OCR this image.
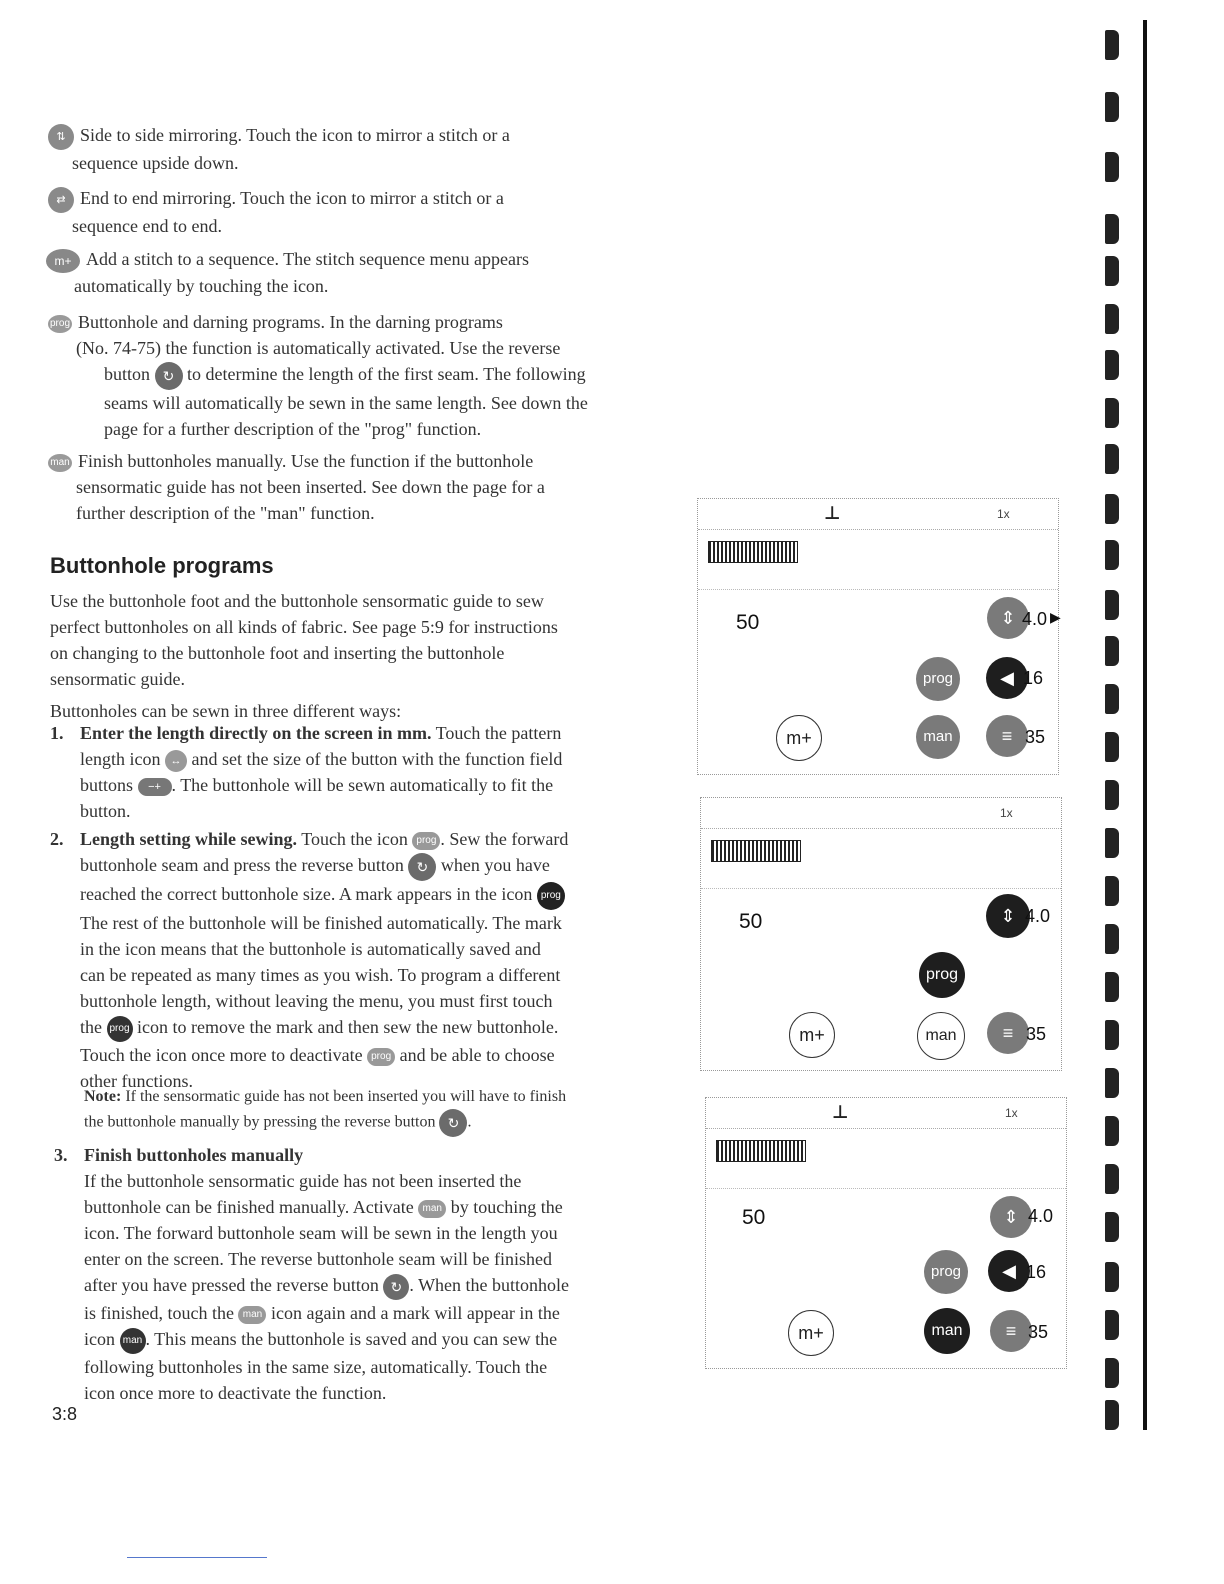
⇅ Side to side mirroring. Touch the icon to mirror a stitch or a
sequence upside down.
⇄ End to end mirroring. Touch the icon to mirror a stitch or a
sequence end to end.
m+ Add a stitch to a sequence. The stitch sequence menu appears
automatically by touching the icon.
prog Buttonhole and darning programs. In the darning programs
(No. 74-75) the function is automatically activated. Use the reverse
button ↻ to determine the length of the first seam. The following
seams will automatically be sewn in the same length. See down the
page for a further description of the "prog" function.
man Finish buttonholes manually. Use the function if the buttonhole
sensormatic guide has not been inserted. See down the page for a
further description of the "man" function.
Buttonhole programs
Use the buttonhole foot and the buttonhole sensormatic guide to sew
perfect buttonholes on all kinds of fabric. See page 5:9 for instructions
on changing to the buttonhole foot and inserting the buttonhole
sensormatic guide.
Buttonholes can be sewn in three different ways:
1. Enter the length directly on the screen in mm. Touch the pattern
length icon ↔ and set the size of the button with the function field
buttons −+ . The buttonhole will be sewn automatically to fit the
button.
2. Length setting while sewing. Touch the icon prog . Sew the forward
buttonhole seam and press the reverse button ↻ when you have
reached the correct buttonhole size. A mark appears in the icon prog
The rest of the buttonhole will be finished automatically. The mark
in the icon means that the buttonhole is automatically saved and
can be repeated as many times as you wish. To program a different
buttonhole length, without leaving the menu, you must first touch
the prog icon to remove the mark and then sew the new buttonhole.
Touch the icon once more to deactivate prog and be able to choose
other functions.
Note: If the sensormatic guide has not been inserted you will have to finish
the buttonhole manually by pressing the reverse button ↻ .
3. Finish buttonholes manually
If the buttonhole sensormatic guide has not been inserted the
buttonhole can be finished manually. Activate man by touching the
icon. The forward buttonhole seam will be sewn in the length you
enter on the screen. The reverse buttonhole seam will be finished
after you have pressed the reverse button ↻ . When the buttonhole
is finished, touch the man icon again and a mark will appear in the
icon man . This means the buttonhole is saved and you can sew the
following buttonholes in the same size, automatically. Touch the
icon once more to deactivate the function.
3:8
⊥	1x
50	⇕ 4.0 ▶
prog	◀ 16
m+	man	≡ 35
1x
50	⇕ 4.0
prog
m+	man	≡ 35
⊥	1x
50	⇕ 4.0
prog	◀ 16
m+	man	≡ 35
